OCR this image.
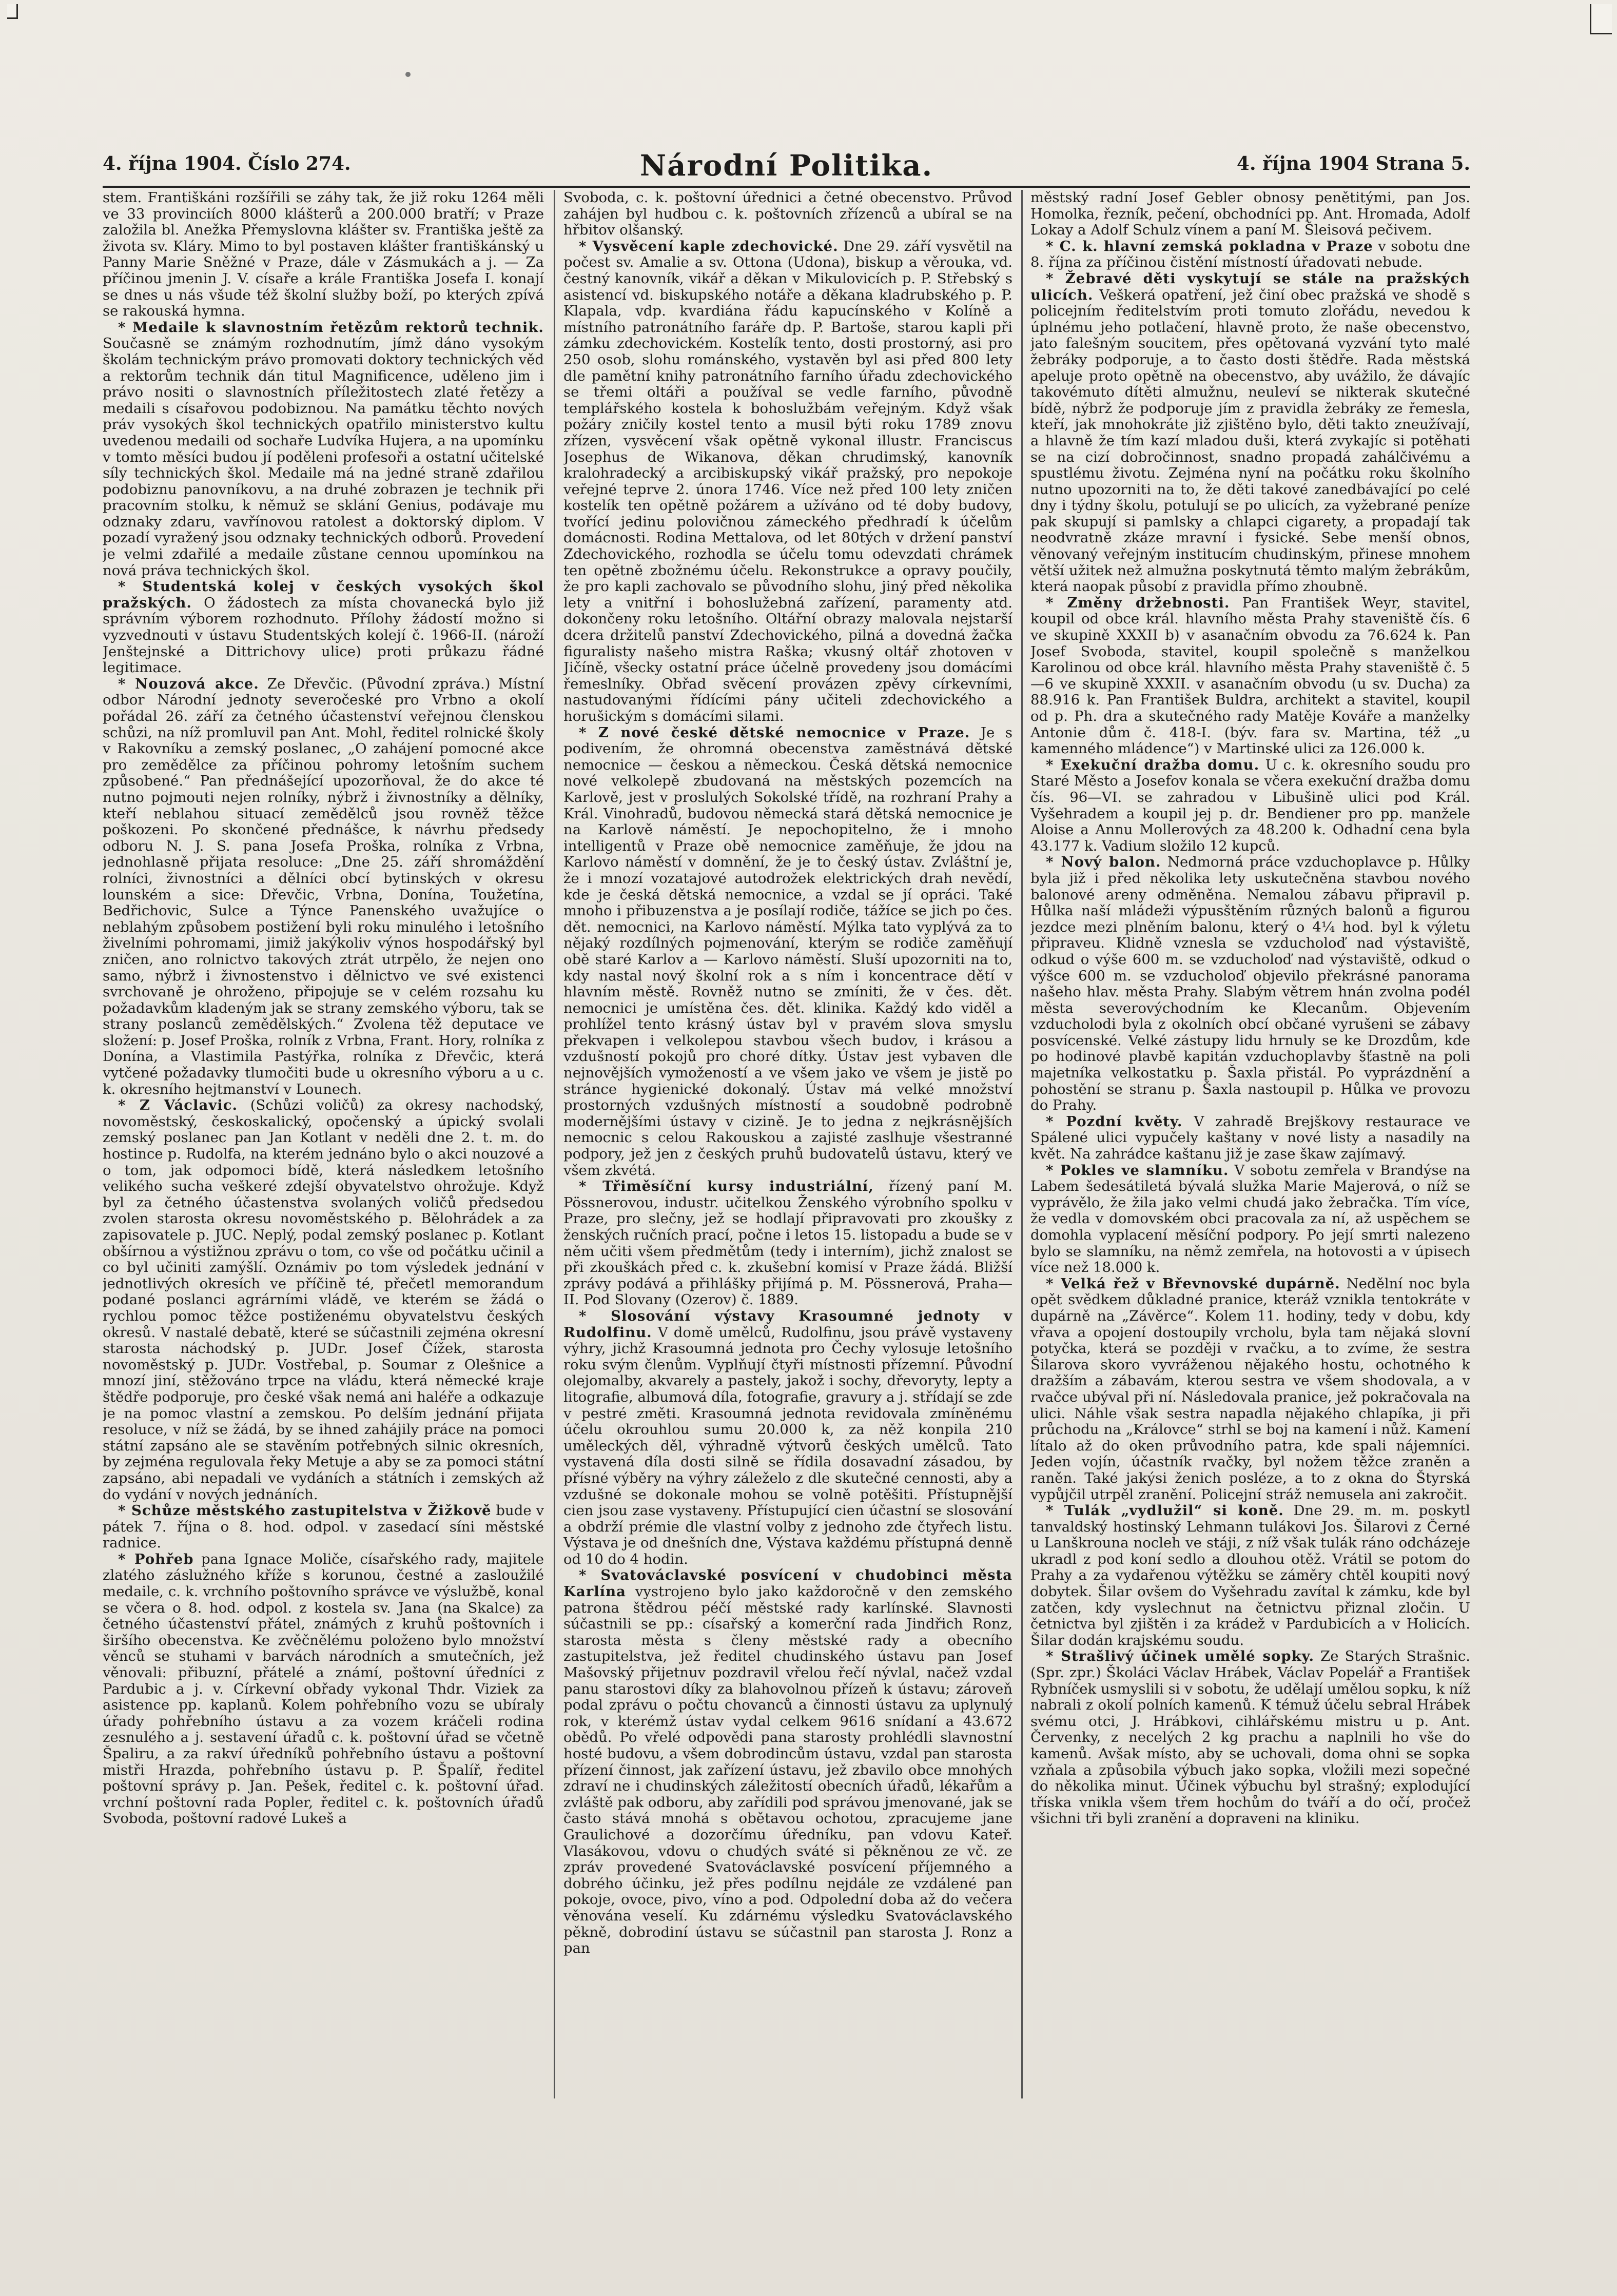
4. října 1904. Číslo 274.	Národní Politika.	4. října 1904 Strana 5.

stem. Františkáni rozšířili se záhy tak, že již roku 1264 měli ve 33 provinciích 8000 klášterů a 200.000 bratří; v Praze založila bl. Anežka Přemyslovna klášter sv. Františka ještě za života sv. Kláry. Mimo to byl postaven klášter františkánský u Panny Marie Sněžné v Praze, dále v Zásmukách a j. — Za příčinou jmenin J. V. císaře a krále Františka Josefa I. konají se dnes u nás všude též školní služby boží, po kterých zpívá se rakouská hymna.

* Medaile k slavnostním řetězům rektorů technik. Současně se známým rozhodnutím, jímž dáno vysokým školám technickým právo promovati doktory technických věd a rektorům technik dán titul Magnificence, uděleno jim i právo nositi o slavnostních příležitostech zlaté řetězy a medaili s císařovou podobiznou. Na památku těchto nových práv vysokých škol technických opatřilo ministerstvo kultu uvedenou medaili od sochaře Ludvíka Hujera, a na upomínku v tomto měsíci budou jí poděleni profesoři a ostatní učitelské síly technických škol. Medaile má na jedné straně zdařilou podobiznu panovníkovu, a na druhé zobrazen je technik při pracovním stolku, k němuž se sklání Genius, podávaje mu odznaky zdaru, vavřínovou ratolest a doktorský diplom. V pozadí vyražený jsou odznaky technických odborů. Provedení je velmi zdařilé a medaile zůstane cennou upomínkou na nová práva technických škol.

* Studentská kolej v českých vysokých škol pražských. O žádostech za místa chovanecká bylo již správním výborem rozhodnuto. Přílohy žádostí možno si vyzvednouti v ústavu Studentských kolejí č. 1966-II. (nároží Jenštejnské a Dittrichovy ulice) proti průkazu řádné legitimace.

* Nouzová akce. Ze Dřevčic. (Původní zpráva.) Místní odbor Národní jednoty severočeské pro Vrbno a okolí pořádal 26. září za četného účastenství veřejnou členskou schůzi, na níž promluvil pan Ant. Mohl, ředitel rolnické školy v Rakovníku a zemský poslanec, „O zahájení pomocné akce pro zemědělce za příčinou pohromy letošním suchem způsobené.“ Pan přednášející upozorňoval, že do akce té nutno pojmouti nejen rolníky, nýbrž i živnostníky a dělníky, kteří neblahou situací zemědělců jsou rovněž těžce poškozeni. Po skončené přednášce, k návrhu předsedy odboru N. J. S. pana Josefa Proška, rolníka z Vrbna, jednohlasně přijata resoluce: „Dne 25. září shromáždění rolníci, živnostníci a dělníci obcí bytinských v okresu lounském a sice: Dřevčic, Vrbna, Donína, Toužetína, Bedřichovic, Sulce a Týnce Panenského uvažujíce o neblahým způsobem postižení byli roku minulého i letošního živelními pohromami, jimiž jakýkoliv výnos hospodářský byl zničen, ano rolnictvo takových ztrát utrpělo, že nejen ono samo, nýbrž i živnostenstvo i dělnictvo ve své existenci svrchovaně je ohroženo, připojuje se v celém rozsahu ku požadavkům kladeným jak se strany zemského výboru, tak se strany poslanců zemědělských.“ Zvolena těž deputace ve složení: p. Josef Proška, rolník z Vrbna, Frant. Hory, rolníka z Donína, a Vlastimila Pastýřka, rolníka z Dřevčic, která vytčené požadavky tlumočiti bude u okresního výboru a u c. k. okresního hejtmanství v Lounech.

* Z Václavic. (Schůzi voličů) za okresy nachodský, novoměstský, českoskalický, opočenský a úpický svolali zemský poslanec pan Jan Kotlant v neděli dne 2. t. m. do hostince p. Rudolfa, na kterém jednáno bylo o akci nouzové a o tom, jak odpomoci bídě, která následkem letošního velikého sucha veškeré zdejší obyvatelstvo ohrožuje. Když byl za četného účastenstva svolaných voličů předsedou zvolen starosta okresu novoměstského p. Bělohrádek a za zapisovatele p. JUC. Neplý, podal zemský poslanec p. Kotlant obšírnou a výstižnou zprávu o tom, co vše od počátku učinil a co byl učiniti zamýšlí. Oznámiv po tom výsledek jednání v jednotlivých okresích ve příčině té, přečetl memorandum podané poslanci agrárními vládě, ve kterém se žádá o rychlou pomoc těžce postiženému obyvatelstvu českých okresů. V nastalé debatě, které se súčastnili zejména okresní starosta náchodský p. JUDr. Josef Čížek, starosta novoměstský p. JUDr. Vostřebal, p. Soumar z Olešnice a mnozí jiní, stěžováno trpce na vládu, která německé kraje štědře podporuje, pro české však nemá ani haléře a odkazuje je na pomoc vlastní a zemskou. Po delším jednání přijata resoluce, v níž se žádá, by se ihned zahájily práce na pomoci státní zapsáno ale se stavěním potřebných silnic okresních, by zejména regulovala řeky Metuje a aby se za pomoci státní zapsáno, abi nepadali ve vydáních a státních i zemských až do vydání v nových jednáních.

* Schůze městského zastupitelstva v Žižkově bude v pátek 7. října o 8. hod. odpol. v zasedací síni městské radnice.

* Pohřeb pana Ignace Moliče, císařského rady, majitele zlatého záslužného kříže s korunou, čestné a zasloužilé medaile, c. k. vrchního poštovního správce ve výslužbě, konal se včera o 8. hod. odpol. z kostela sv. Jana (na Skalce) za četného účastenství přátel, známých z kruhů poštovních i širšího obecenstva. Ke zvěčnělému položeno bylo množství věnců se stuhami v barvách národních a smutečních, jež věnovali: přibuzní, přátelé a známí, poštovní úředníci z Pardubic a j. v. Církevní obřady vykonal Thdr. Viziek za asistence pp. kaplanů. Kolem pohřebního vozu se ubíraly úřady pohřebního ústavu a za vozem kráčeli rodina zesnulého a j. sestavení úřadů c. k. poštovní úřad se včetně Špaliru, a za rakví úředníků pohřebního ústavu a poštovní mistři Hrazda, pohřebního ústavu p. P. Špalíř, ředitel poštovní správy p. Jan. Pešek, ředitel c. k. poštovní úřad. vrchní poštovní rada Popler, ředitel c. k. poštovních úřadů Svoboda, poštovní radové Lukeš a

Svoboda, c. k. poštovní úřednici a četné obecenstvo. Průvod zahájen byl hudbou c. k. poštovních zřízenců a ubíral se na hřbitov olšanský.

* Vysvěcení kaple zdechovické. Dne 29. září vysvětil na počest sv. Amalie a sv. Ottona (Udona), biskup a věrouka, vd. čestný kanovník, vikář a děkan v Mikulovicích p. P. Střebský s asistencí vd. biskupského notáře a děkana kladrubského p. P. Klapala, vdp. kvardiána řádu kapucínského v Kolíně a místního patronátního faráře dp. P. Bartoše, starou kapli při zámku zdechovickém. Kostelík tento, dosti prostorný, asi pro 250 osob, slohu románského, vystavěn byl asi před 800 lety dle pamětní knihy patronátního farního úřadu zdechovického se třemi oltáři a používal se vedle farního, původně templářského kostela k bohoslužbám veřejným. Když však požáry zničily kostel tento a musil býti roku 1789 znovu zřízen, vysvěcení však opětně vykonal illustr. Franciscus Josephus de Wikanova, děkan chrudimský, kanovník kralohradecký a arcibiskupský vikář pražský, pro nepokoje veřejné teprve 2. února 1746. Více než před 100 lety zničen kostelík ten opětně požárem a užíváno od té doby budovy, tvořící jedinu polovičnou zámeckého předhradí k účelům domácnosti. Rodina Mettalova, od let 80tých v držení panství Zdechovického, rozhodla se účelu tomu odevzdati chrámek ten opětně zbožnému účelu. Rekonstrukce a opravy poučily, že pro kapli zachovalo se původního slohu, jiný před několika lety a vnitřní i bohoslužebná zařízení, paramenty atd. dokončeny roku letošního. Oltářní obrazy malovala nejstarší dcera držitelů panství Zdechovického, pilná a dovedná žačka figuralisty našeho mistra Raška; vkusný oltář zhotoven v Jičíně, všecky ostatní práce účelně provedeny jsou domácími řemeslníky. Obřad svěcení provázen zpěvy církevními, nastudovanými řídícími pány učiteli zdechovického a horušickým s domácími silami.

* Z nové české dětské nemocnice v Praze. Je s podivením, že ohromná obecenstva zaměstnává dětské nemocnice — českou a německou. Česká dětská nemocnice nové velkolepě zbudovaná na městských pozemcích na Karlově, jest v proslulých Sokolské třídě, na rozhraní Prahy a Král. Vinohradů, budovou německá stará dětská nemocnice je na Karlově náměstí. Je nepochopitelno, že i mnoho intelligentů v Praze obě nemocnice zaměňuje, že jdou na Karlovo náměstí v domnění, že je to český ústav. Zvláštní je, že i mnozí vozatajové autodrožek elektrických drah nevědí, kde je česká dětská nemocnice, a vzdal se jí opráci. Také mnoho i přibuzenstva a je posílají rodiče, tážíce se jich po čes. dět. nemocnici, na Karlovo náměstí. Mýlka tato vyplývá za to nějaký rozdílných pojmenování, kterým se rodiče zaměňují obě staré Karlov a — Karlovo náměstí. Sluší upozorniti na to, kdy nastal nový školní rok a s ním i koncentrace dětí v hlavním městě. Rovněž nutno se zmíniti, že v čes. dět. nemocnici je umístěna čes. dět. klinika. Každý kdo viděl a prohlížel tento krásný ústav byl v pravém slova smyslu překvapen i velkolepou stavbou všech budov, i krásou a vzdušností pokojů pro choré dítky. Ústav jest vybaven dle nejnovějších vymožeností a ve všem jako ve všem je jistě po stránce hygienické dokonalý. Ústav má velké množství prostorných vzdušných místností a soudobně podrobně modernějšími ústavy v cizině. Je to jedna z nejkrásnějších nemocnic s celou Rakouskou a zajisté zaslhuje všestranné podpory, jež jen z českých pruhů budovatelů ústavu, který ve všem zkvétá.

* Třiměsíční kursy industriální, řízený paní M. Pössnerovou, industr. učitelkou Ženského výrobního spolku v Praze, pro slečny, jež se hodlají připravovati pro zkoušky z ženských ručních prací, počne i letos 15. listopadu a bude se v něm učiti všem předmětům (tedy i interním), jichž znalost se při zkouškách před c. k. zkušební komisí v Praze žádá. Bližší zprávy podává a přihlášky přijímá p. M. Pössnerová, Praha—II. Pod Slovany (Ozerov) č. 1889.

* Slosování výstavy Krasoumné jednoty v Rudolfinu. V domě umělců, Rudolfinu, jsou právě vystaveny výhry, jichž Krasoumná jednota pro Čechy vylosuje letošního roku svým členům. Vyplňují čtyři místnosti přízemní. Původní olejomalby, akvarely a pastely, jakož i sochy, dřevoryty, lepty a litografie, albumová díla, fotografie, gravury a j. střídají se zde v pestré změti. Krasoumná jednota revidovala zmíněnému účelu okrouhlou sumu 20.000 k, za něž konpila 210 uměleckých děl, výhradně výtvorů českých umělců. Tato vystavená díla dosti silně se řídila dosavadní zásadou, by přísné výběry na výhry záleželo z dle skutečné cennosti, aby a vzdušné se dokonale mohou se volně potěšiti. Přístupnější cien jsou zase vystaveny. Přístupující cien účastní se slosování a obdrží prémie dle vlastní volby z jednoho zde čtyřech listu. Výstava je od dnešních dne, Výstava každému přístupná denně od 10 do 4 hodin.

* Svatováclavské posvícení v chudobinci města Karlína vystrojeno bylo jako každoročně v den zemského patrona štědrou péčí městské rady karlínské. Slavnosti súčastnili se pp.: císařský a komerční rada Jindřich Ronz, starosta města s členy městské rady a obecního zastupitelstva, jež ředitel chudinského ústavu pan Josef Mašovský přijetnuv pozdravil vřelou řečí nývlal, načež vzdal panu starostovi díky za blahovolnou přízeň k ústavu; zároveň podal zprávu o počtu chovanců a činnosti ústavu za uplynulý rok, v kterémž ústav vydal celkem 9616 snídaní a 43.672 obědů. Po vřelé odpovědi pana starosty prohlédli slavnostní hosté budovu, a všem dobrodincům ústavu, vzdal pan starosta přízení činnost, jak zařízení ústavu, jež zbavilo obce mnohých zdraví ne i chudinských záležitostí obecních úřadů, lékařům a zvláště pak odboru, aby zařídili pod správou jmenované, jak se často stává mnohá s obětavou ochotou, zpracujeme jane Graulichové a dozorčímu úředníku, pan vdovu Kateř. Vlasákovou, vdovu o chudých sváté si pěkněnou ze vč. ze zpráv provedené Svatováclavské posvícení příjemného a dobrého účinku, jež přes podílnu nejdále ze vzdálené pan pokoje, ovoce, pivo, víno a pod. Odpolední doba až do večera věnována veselí. Ku zdárnému výsledku Svatováclavského pěkně, dobrodiní ústavu se súčastnil pan starosta J. Ronz a pan

městský radní Josef Gebler obnosy penětitými, pan Jos. Homolka, řezník, pečení, obchodníci pp. Ant. Hromada, Adolf Lokay a Adolf Schulz vínem a paní M. Šleisová pečivem.

* C. k. hlavní zemská pokladna v Praze v sobotu dne 8. října za příčinou čistění místností úřadovati nebude.

* Žebravé děti vyskytují se stále na pražských ulicích. Veškerá opatření, jež činí obec pražská ve shodě s policejním ředitelstvím proti tomuto zlořádu, nevedou k úplnému jeho potlačení, hlavně proto, že naše obecenstvo, jato falešným soucitem, přes opětovaná vyzvání tyto malé žebráky podporuje, a to často dosti štědře. Rada městská apeluje proto opětně na obecenstvo, aby uvážilo, že dávajíc takovémuto dítěti almužnu, neuleví se nikterak skutečné bídě, nýbrž že podporuje jím z pravidla žebráky ze řemesla, kteří, jak mnohokráte již zjištěno bylo, děti takto zneužívají, a hlavně že tím kazí mladou duši, která zvykajíc si potěhati se na cizí dobročinnost, snadno propadá zahálčivému a spustlému životu. Zejména nyní na počátku roku školního nutno upozorniti na to, že děti takové zanedbávající po celé dny i týdny školu, potulují se po ulicích, za vyžebrané peníze pak skupují si pamlsky a chlapci cigarety, a propadají tak neodvratně zkáze mravní i fysické. Sebe menší obnos, věnovaný veřejným institucím chudinským, přinese mnohem větší užitek než almužna poskytnutá těmto malým žebrákům, která naopak působí z pravidla přímo zhoubně.

* Změny držebnosti. Pan František Weyr, stavitel, koupil od obce král. hlavního města Prahy staveniště čís. 6 ve skupině XXXII b) v asanačním obvodu za 76.624 k. Pan Josef Svoboda, stavitel, koupil společně s manželkou Karolinou od obce král. hlavního města Prahy staveniště č. 5—6 ve skupině XXXII. v asanačním obvodu (u sv. Ducha) za 88.916 k. Pan František Buldra, architekt a stavitel, koupil od p. Ph. dra a skutečného rady Matěje Kováře a manželky Antonie dům č. 418-I. (býv. fara sv. Martina, též „u kamenného mládence“) v Martinské ulici za 126.000 k.

* Exekuční dražba domu. U c. k. okresního soudu pro Staré Město a Josefov konala se včera exekuční dražba domu čís. 96—VI. se zahradou v Libušině ulici pod Král. Vyšehradem a koupil jej p. dr. Bendiener pro pp. manžele Aloise a Annu Mollerových za 48.200 k. Odhadní cena byla 43.177 k. Vadium složilo 12 kupců.

* Nový balon. Nedmorná práce vzduchoplavce p. Hůlky byla již i před několika lety uskutečněna stavbou nového balonové areny odměněna. Nemalou zábavu připravil p. Hůlka naší mládeži výpusštěním různých balonů a figurou jezdce mezi plněním balonu, který o 4¼ hod. byl k výletu připraveu. Klidně vznesla se vzducholoď nad výstaviště, odkud o výše 600 m. se vzducholoď nad výstaviště, odkud o výšce 600 m. se vzducholoď objevilo překrásné panorama našeho hlav. města Prahy. Slabým větrem hnán zvolna podél města severovýchodním ke Klecanům. Objevením vzducholodi byla z okolních obcí občané vyrušeni se zábavy posvícenské. Velké zástupy lidu hrnuly se ke Drozdům, kde po hodinové plavbě kapitán vzduchoplavby šťastně na poli majetníka velkostatku p. Šaxla přistál. Po vyprázdnění a pohostění se stranu p. Šaxla nastoupil p. Hůlka ve provozu do Prahy.

* Pozdní květy. V zahradě Brejškovy restaurace ve Spálené ulici vypučely kaštany v nové listy a nasadily na květ. Na zahrádce kaštanu již je zase škaw zajímavý.

* Pokles ve slamníku. V sobotu zemřela v Brandýse na Labem šedesátiletá bývalá služka Marie Majerová, o níž se vyprávělo, že žila jako velmi chudá jako žebračka. Tím více, že vedla v domovském obci pracovala za ní, až uspěchem se domohla vyplacení měsíční podpory. Po její smrti nalezeno bylo se slamníku, na němž zemřela, na hotovosti a v úpisech více než 18.000 k.

* Velká řež v Břevnovské dupárně. Nedělní noc byla opět svědkem důkladné pranice, kteráž vznikla tentokráte v dupárně na „Závěrce“. Kolem 11. hodiny, tedy v dobu, kdy vřava a opojení dostoupily vrcholu, byla tam nějaká slovní potyčka, která se později v rvačku, a to zvíme, že sestra Šilarova skoro vyvráženou nějakého hostu, ochotného k dražším a zábavám, kterou sestra ve všem shodovala, a v rvačce ubýval při ní. Následovala pranice, jež pokračovala na ulici. Náhle však sestra napadla nějakého chlapíka, ji při průchodu na „Královce“ strhl se boj na kamení i nůž. Kamení lítalo až do oken průvodního patra, kde spali nájemníci. Jeden vojín, účastník rvačky, byl nožem těžce zraněn a raněn. Také jakýsi ženich posléze, a to z okna do Štyrská vypůjčil utrpěl zranění. Policejní stráž nemusela ani zakročit.

* Tulák „vydlužil“ si koně. Dne 29. m. m. poskytl tanvaldský hostinský Lehmann tulákovi Jos. Šilarovi z Černé u Lanškrouna nocleh ve stáji, z níž však tulák ráno odcházeje ukradl z pod koní sedlo a dlouhou otěž. Vrátil se potom do Prahy a za vydařenou výtěžku se záměry chtěl koupiti nový dobytek. Šilar ovšem do Vyšehradu zavítal k zámku, kde byl zatčen, kdy vyslechnut na četnictvu přiznal zločin. U četnictva byl zjištěn i za krádež v Pardubicích a v Holicích. Šilar dodán krajskému soudu.

* Strašlivý účinek umělé sopky. Ze Starých Strašnic. (Spr. zpr.) Školáci Václav Hrábek, Václav Popelář a František Rybníček usmyslili si v sobotu, že udělají umělou sopku, k níž nabrali z okolí polních kamenů. K témuž účelu sebral Hrábek svému otci, J. Hrábkovi, cihlářskému mistru u p. Ant. Červenky, z necelých 2 kg prachu a naplnili ho vše do kamenů. Avšak místo, aby se uchovali, doma ohni se sopka vzňala a způsobila výbuch jako sopka, vložili mezi sopečné do několika minut. Účinek výbuchu byl strašný; explodující tříska vnikla všem třem hochům do tváří a do očí, pročež všichni tři byli zranění a dopraveni na kliniku.
